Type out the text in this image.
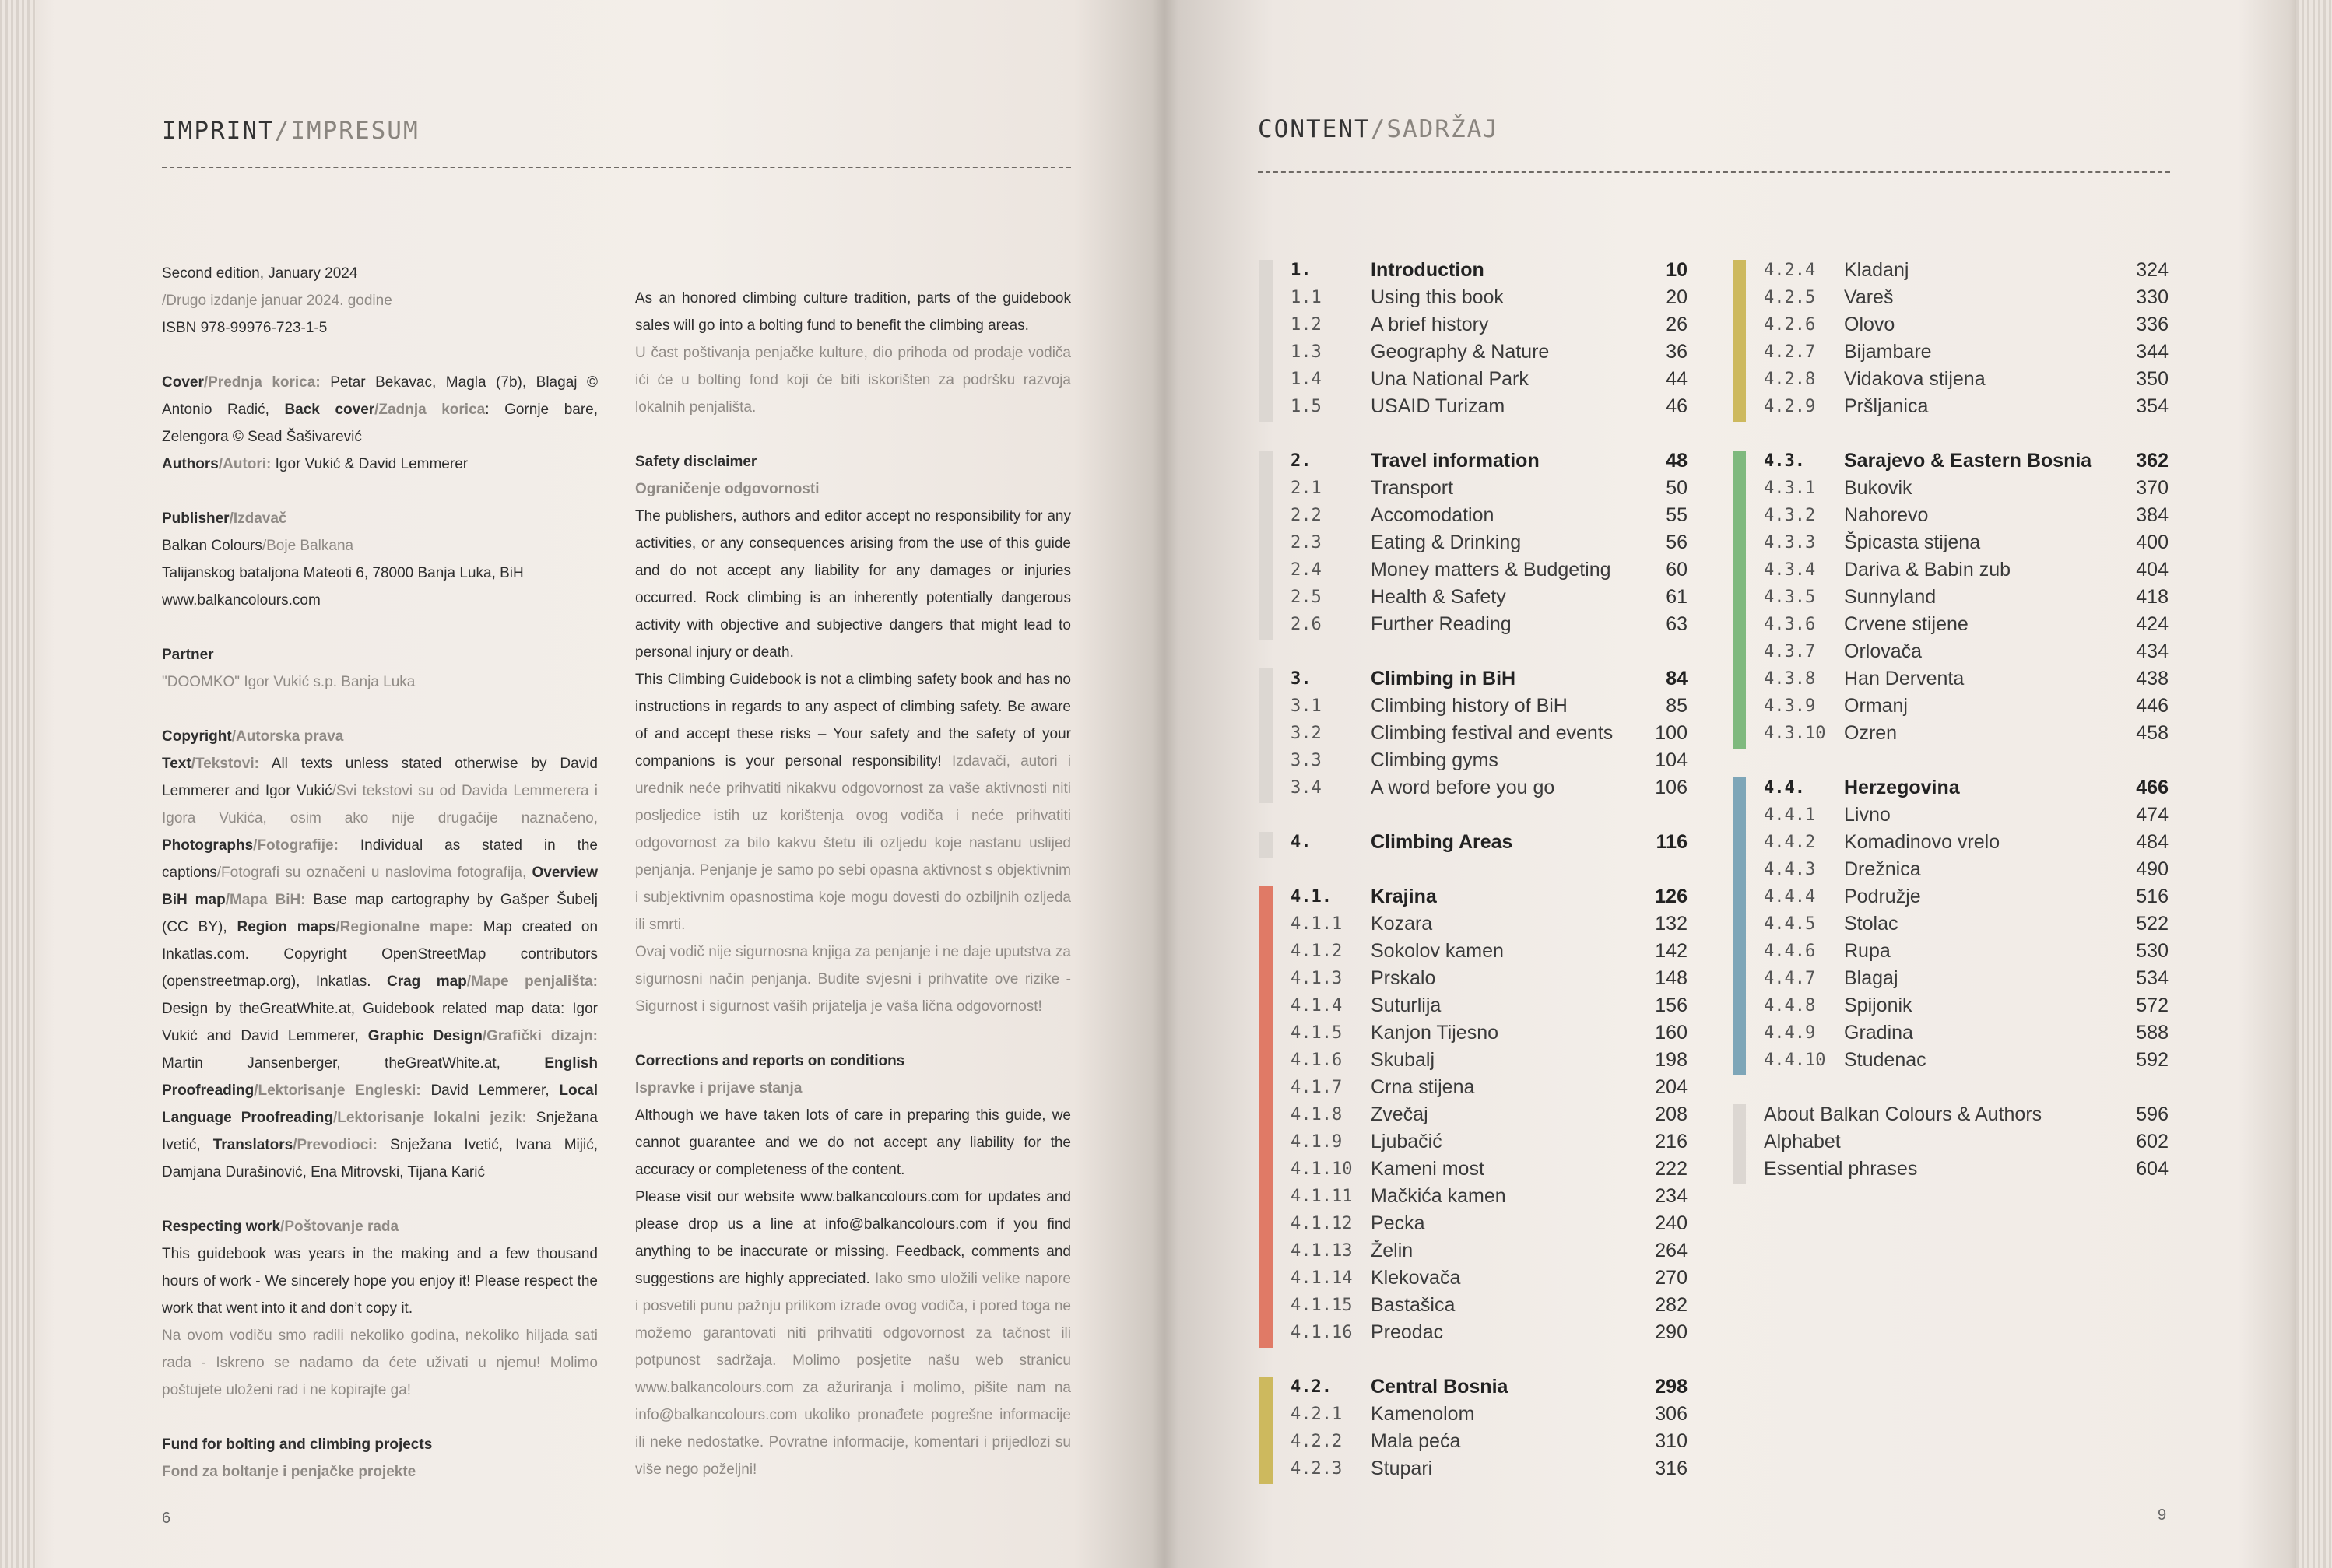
IMPRINT/IMPRESUM

Second edition, January 2024

/Drugo izdanje januar 2024. godine

ISBN 978-99976-723-1-5

Cover/Prednja korica: Petar Bekavac, Magla (7b), Blagaj © Antonio Radić, Back cover/Zadnja korica: Gornje bare, Zelengora © Sead Šašivarević

Authors/Autori: Igor Vukić & David Lemmerer

Publisher/Izdavač

Balkan Colours/Boje Balkana

Talijanskog bataljona Mateoti 6, 78000 Banja Luka, BiH

www.balkancolours.com

Partner

"DOOMKO" Igor Vukić s.p. Banja Luka

Copyright/Autorska prava

Text/Tekstovi: All texts unless stated otherwise by David Lemmerer and Igor Vukić/Svi tekstovi su od Davida Lemmerera i Igora Vukića, osim ako nije drugačije naznačeno, Photographs/Fotografije: Individual as stated in the captions/Fotografi su označeni u naslovima fotografija, Overview BiH map/Mapa BiH: Base map cartography by Gašper Šubelj (CC BY), Region maps/Regionalne mape: Map created on Inkatlas.com. Copyright OpenStreetMap contributors (openstreetmap.org), Inkatlas. Crag map/Mape penjališta: Design by theGreatWhite.at, Guidebook related map data: Igor Vukić and David Lemmerer, Graphic Design/Grafički dizajn: Martin Jansenberger, theGreatWhite.at, English Proofreading/Lektorisanje Engleski: David Lemmerer, Local Language Proofreading/Lektorisanje lokalni jezik: Snježana Ivetić, Translators/Prevodioci: Snježana Ivetić, Ivana Mijić, Damjana Durašinović, Ena Mitrovski, Tijana Karić

Respecting work/Poštovanje rada

This guidebook was years in the making and a few thousand hours of work - We sincerely hope you enjoy it! Please respect the work that went into it and don’t copy it.

Na ovom vodiču smo radili nekoliko godina, nekoliko hiljada sati rada - Iskreno se nadamo da ćete uživati u njemu! Molimo poštujete uloženi rad i ne kopirajte ga!

Fund for bolting and climbing projects

Fond za boltanje i penjačke projekte

As an honored climbing culture tradition, parts of the guidebook sales will go into a bolting fund to benefit the climbing areas.

U čast poštivanja penjačke kulture, dio prihoda od prodaje vodiča ići će u bolting fond koji će biti iskorišten za podršku razvoja lokalnih penjališta.

Safety disclaimer

Ograničenje odgovornosti

The publishers, authors and editor accept no responsibility for any activities, or any consequences arising from the use of this guide and do not accept any liability for any damages or injuries occurred. Rock climbing is an inherently potentially dangerous activity with objective and subjective dangers that might lead to personal injury or death.

This Climbing Guidebook is not a climbing safety book and has no instructions in regards to any aspect of climbing safety. Be aware of and accept these risks – Your safety and the safety of your companions is your personal responsibility! Izdavači, autori i urednik neće prihvatiti nikakvu odgovornost za vaše aktivnosti niti posljedice istih uz korištenja ovog vodiča i neće prihvatiti odgovornost za bilo kakvu štetu ili ozljedu koje nastanu uslijed penjanja. Penjanje je samo po sebi opasna aktivnost s objektivnim i subjektivnim opasnostima koje mogu dovesti do ozbiljnih ozljeda ili smrti.

Ovaj vodič nije sigurnosna knjiga za penjanje i ne daje uputstva za sigurnosni način penjanja. Budite svjesni i prihvatite ove rizike - Sigurnost i sigurnost vaših prijatelja je vaša lična odgovornost!

Corrections and reports on conditions

Ispravke i prijave stanja

Although we have taken lots of care in preparing this guide, we cannot guarantee and we do not accept any liability for the accuracy or completeness of the content.

Please visit our website www.balkancolours.com for updates and please drop us a line at info@balkancolours.com if you find anything to be inaccurate or missing. Feedback, comments and suggestions are highly appreciated. Iako smo uložili velike napore i posvetili punu pažnju prilikom izrade ovog vodiča, i pored toga ne možemo garantovati niti prihvatiti odgovornost za tačnost ili potpunost sadržaja. Molimo posjetite našu web stranicu www.balkancolours.com za ažuriranja i molimo, pišite nam na info@balkancolours.com ukoliko pronađete pogrešne informacije ili neke nedostatke. Povratne informacije, komentari i prijedlozi su više nego poželjni!

6
CONTENT/SADRŽAJ
1.	Introduction	10
1.1	Using this book	20
1.2	A brief history	26
1.3	Geography & Nature	36
1.4	Una National Park	44
1.5	USAID Turizam	46
2.	Travel information	48
2.1	Transport	50
2.2	Accomodation	55
2.3	Eating & Drinking	56
2.4	Money matters & Budgeting	60
2.5	Health & Safety	61
2.6	Further Reading	63
3.	Climbing in BiH	84
3.1	Climbing history of BiH	85
3.2	Climbing festival and events	100
3.3	Climbing gyms	104
3.4	A word before you go	106
4.	Climbing Areas	116
4.1. Krajina	126
4.1.1 Kozara	132
4.1.2 Sokolov kamen	142
4.1.3 Prskalo	148
4.1.4 Suturlija	156
4.1.5 Kanjon Tijesno	160
4.1.6 Skubalj	198
4.1.7 Crna stijena	204
4.1.8 Zvečaj	208
4.1.9 Ljubačić	216
4.1.10 Kameni most	222
4.1.11 Mačkića kamen	234
4.1.12 Pecka	240
4.1.13 Želin	264
4.1.14 Klekovača	270
4.1.15 Bastašica	282
4.1.16 Preodac	290
4.2. Central Bosnia	298
4.2.1 Kamenolom	306
4.2.2 Mala peća	310
4.2.3 Stupari	316
4.2.4 Kladanj	324
4.2.5 Vareš	330
4.2.6 Olovo	336
4.2.7 Bijambare	344
4.2.8 Vidakova stijena	350
4.2.9 Pršljanica	354
4.3. Sarajevo & Eastern Bosnia	362
4.3.1 Bukovik	370
4.3.2 Nahorevo	384
4.3.3 Špicasta stijena	400
4.3.4 Dariva & Babin zub	404
4.3.5 Sunnyland	418
4.3.6 Crvene stijene	424
4.3.7 Orlovača	434
4.3.8 Han Derventa	438
4.3.9 Ormanj	446
4.3.10 Ozren	458
4.4. Herzegovina	466
4.4.1 Livno	474
4.4.2 Komadinovo vrelo	484
4.4.3 Drežnica	490
4.4.4 Podružje	516
4.4.5 Stolac	522
4.4.6 Rupa	530
4.4.7 Blagaj	534
4.4.8 Spijonik	572
4.4.9 Gradina	588
4.4.10 Studenac	592
About Balkan Colours & Authors	596
Alphabet	602
Essential phrases	604
9
